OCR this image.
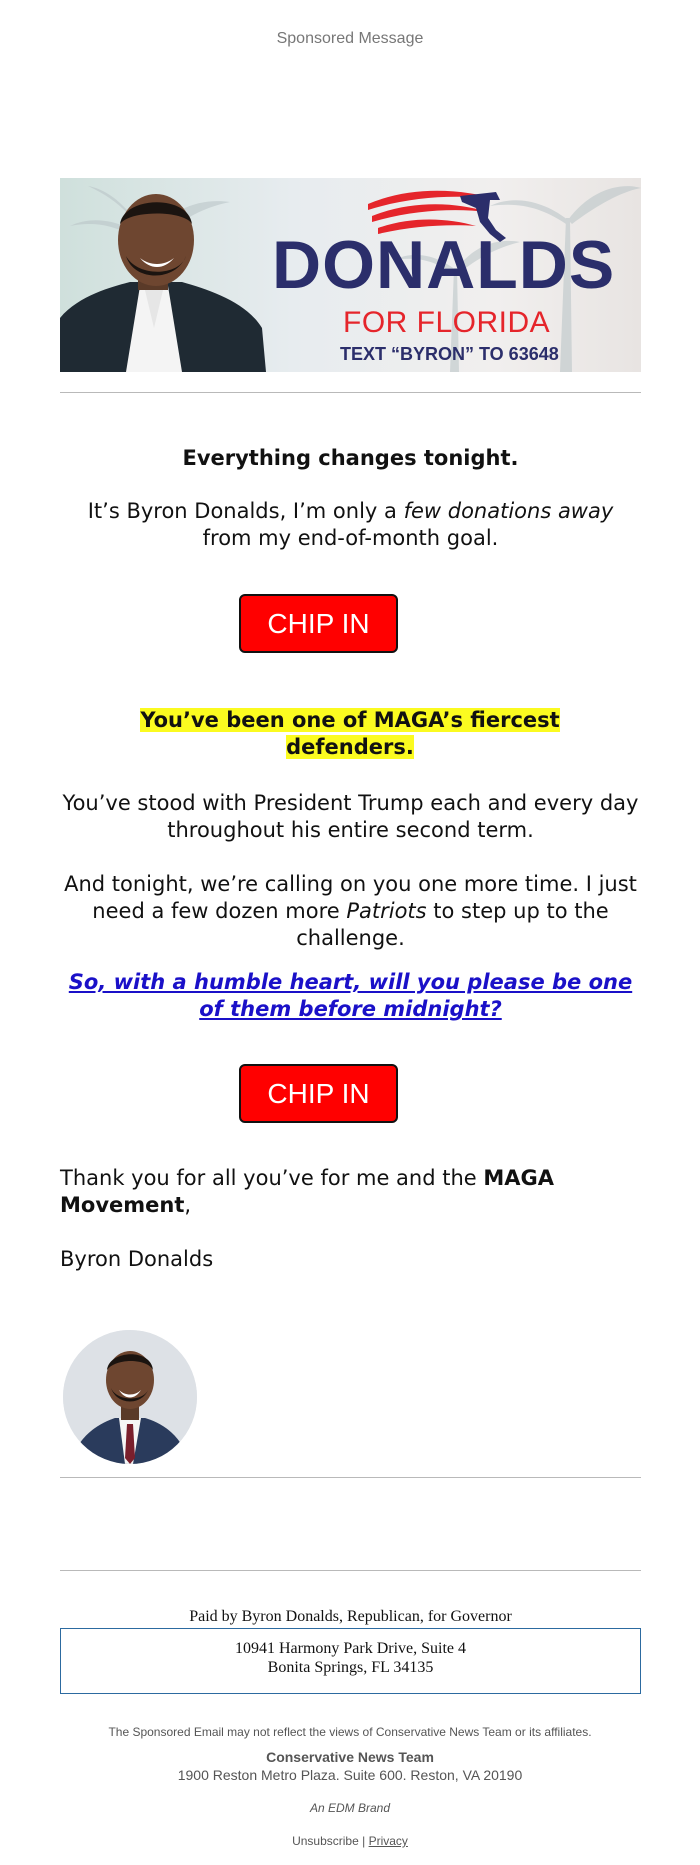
Sponsored Message
DONALDS
FOR FLORIDA
TEXT “BYRON” TO 63648
Everything changes tonight.
It’s Byron Donalds, I’m only a few donations away from my end-of-month goal.
CHIP IN HERE
You’ve been one of MAGA’s fiercest defenders.
You’ve stood with President Trump each and every day throughout his entire second term.
And tonight, we’re calling on you one more time. I just need a few dozen more Patriots to step up to the challenge.
So, with a humble heart, will you please be one of them before midnight?
CHIP IN HERE
Thank you for all you’ve for me and the MAGA Movement,
Byron Donalds
Paid by Byron Donalds, Republican, for Governor
10941 Harmony Park Drive, Suite 4
Bonita Springs, FL 34135
The Sponsored Email may not reflect the views of Conservative News Team or its affiliates.
Conservative News Team
1900 Reston Metro Plaza. Suite 600. Reston, VA 20190
An EDM Brand
Unsubscribe | Privacy
